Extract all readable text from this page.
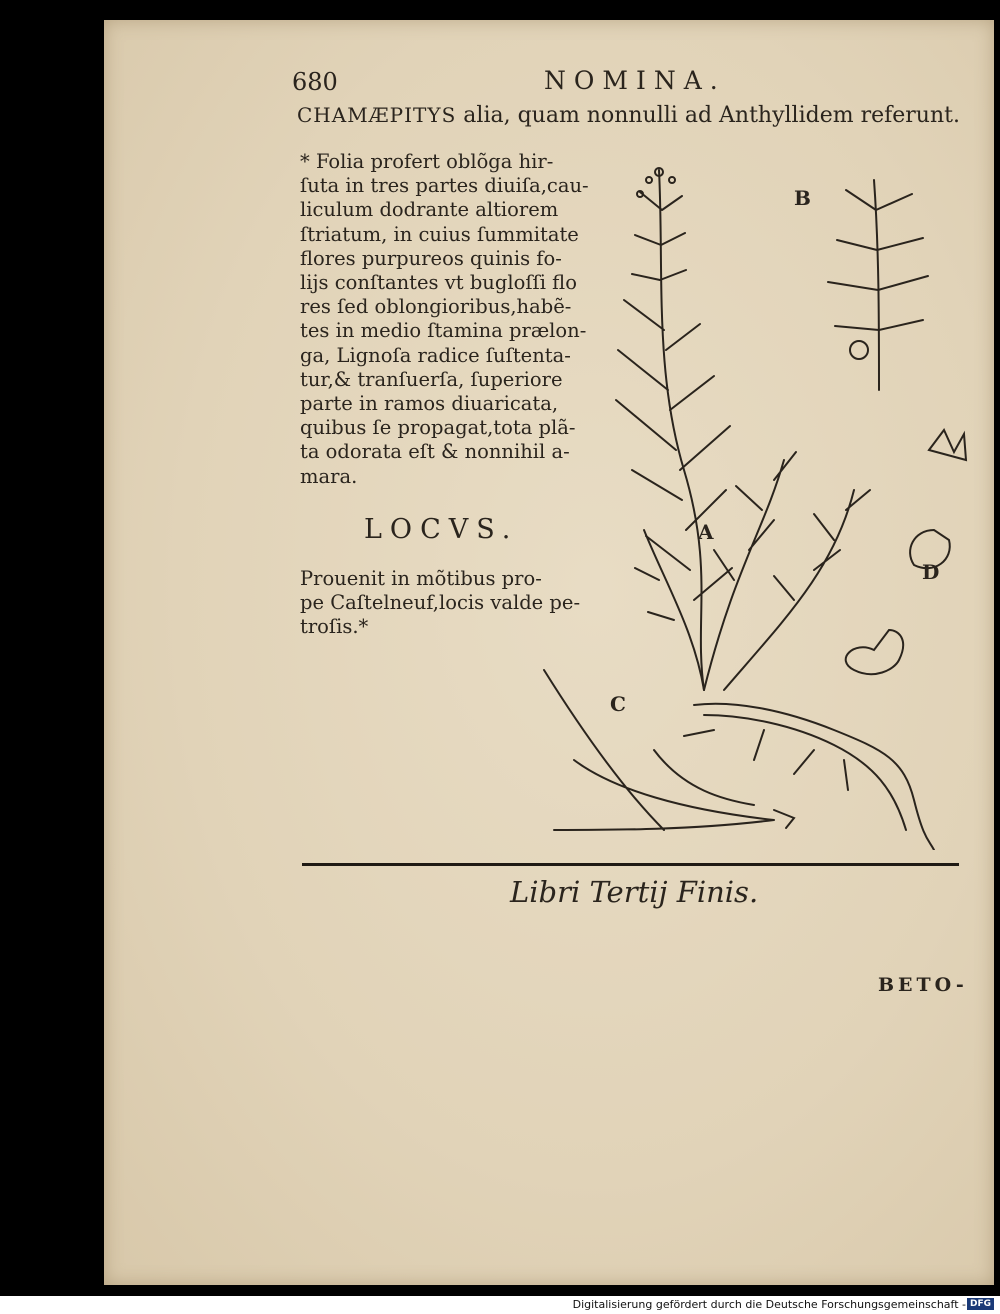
680	NOMINA.
CHAMÆPITYS alia, quam nonnulli ad Anthyllidem referunt.
* Folia profert oblõga hir-
ſuta in tres partes diuiſa,cau-
liculum dodrante altiorem
ſtriatum, in cuius ſummitate
flores purpureos quinis fo-
lijs conſtantes vt bugloſſi flo
res ſed oblongioribus,habẽ-
tes in medio ſtamina prælon-
ga, Lignoſa radice ſuſtenta-
tur,& tranſuerſa, ſuperiore
parte in ramos diuaricata,
quibus ſe propagat,tota plã-
ta odorata eſt & nonnihil a-
mara.
LOCVS.
Prouenit in mõtibus pro-
pe Caſtelneuf,locis valde pe-
troſis.*
A
B
C
D
Libri Tertij Finis.
BETO-
Digitalisierung gefördert durch die Deutsche Forschungsgemeinschaft - DFG
